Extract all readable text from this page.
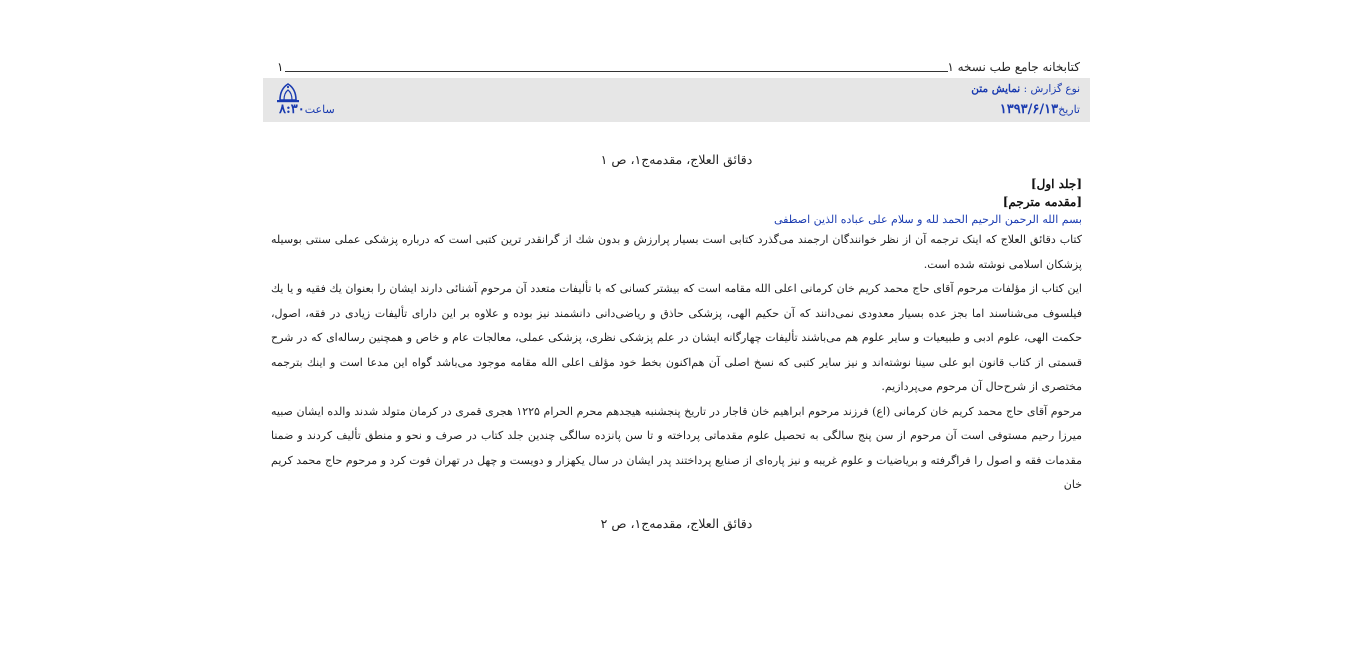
کتابخانه جامع طب نسخه ۱
۱
نوع گزارش : نمایش متن
تاریخ۱۳۹۳/۶/۱۳
ساعت۸:۳۰
دقائق العلاج، مقدمه‌ج۱، ص ۱
[جلد اول]
[مقدمه مترجم]
بسم الله الرحمن الرحیم الحمد لله و سلام علی عباده الذین اصطفی
کتاب دقائق العلاج که اینک ترجمه آن از نظر خوانندگان ارجمند می‌گذرد کتابی است بسیار پرارزش و بدون شك از گرانقدر ترین کتبی است که درباره پزشکی عملی سنتی بوسیله پزشکان اسلامی نوشته شده است.
این کتاب از مؤلفات مرحوم آقای حاج محمد کریم خان کرمانی اعلی الله مقامه است که بیشتر کسانی که با تألیفات متعدد آن مرحوم آشنائی دارند ایشان را بعنوان یك فقیه و یا یك فیلسوف می‌شناسند اما بجز عده بسیار معدودی نمی‌دانند که آن حکیم الهی، پزشکی حاذق و ریاضی‌دانی دانشمند نیز بوده و علاوه بر این دارای تألیفات زیادی در فقه، اصول، حکمت الهی، علوم ادبی و طبیعیات و سایر علوم هم می‌باشند تألیفات چهارگانه ایشان در علم پزشکی نظری، پزشکی عملی، معالجات عام و خاص و همچنین رساله‌ای که در شرح قسمتی از کتاب قانون ابو علی سینا نوشته‌اند و نیز سایر کتبی که نسخ اصلی آن هم‌اکنون بخط خود مؤلف اعلی الله مقامه موجود می‌باشد گواه این مدعا است و اینك بترجمه مختصری از شرح‌حال آن مرحوم می‌پردازیم.
مرحوم آقای حاج محمد کریم خان کرمانی (اع) فرزند مرحوم ابراهیم خان قاجار در تاریخ پنجشنبه هیجدهم محرم الحرام ۱۲۲۵ هجری قمری در کرمان متولد شدند والده ایشان صبیه میرزا رحیم مستوفی است آن مرحوم از سن پنج سالگی به تحصیل علوم مقدماتی پرداخته و تا سن پانزده سالگی چندین جلد کتاب در صرف و نحو و منطق تألیف کردند و ضمنا مقدمات فقه و اصول را فراگرفته و بریاضیات و علوم غریبه و نیز پاره‌ای از صنایع پرداختند پدر ایشان در سال یکهزار و دویست و چهل در تهران فوت کرد و مرحوم حاج محمد کریم خان
دقائق العلاج، مقدمه‌ج۱، ص ۲
